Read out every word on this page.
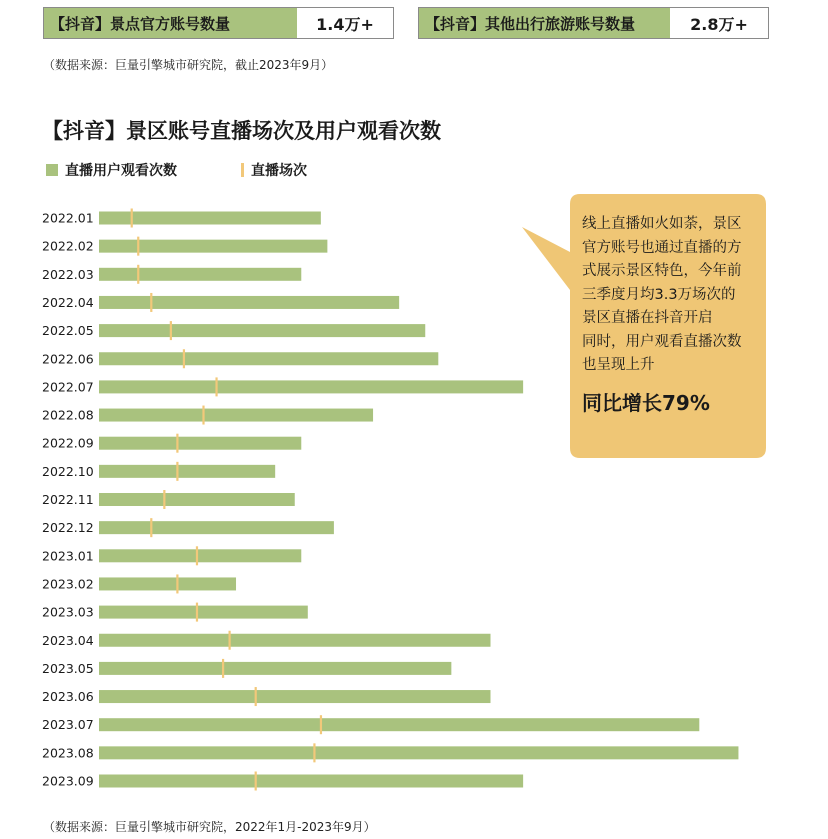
【抖音】景点官方账号数量	1.4万+	【抖音】其他出行旅游账号数量	2.8万+
（数据来源：巨量引擎城市研究院，截止2023年9月）
【抖音】景区账号直播场次及用户观看次数
直播用户观看次数	直播场次
2022.01
2022.02
2022.03
2022.04
2022.05
2022.06
2022.07
2022.08
2022.09
2022.10
2022.11
2022.12
2023.01
2023.02
2023.03
2023.04
2023.05
2023.06
2023.07
2023.08
2023.09

线上直播如火如荼，景区官方账号也通过直播的方式展示景区特色，今年前三季度月均3.3万场次的景区直播在抖音开启

同时，用户观看直播次数也呈现上升

同比增长79%

（数据来源：巨量引擎城市研究院，2022年1月-2023年9月）
